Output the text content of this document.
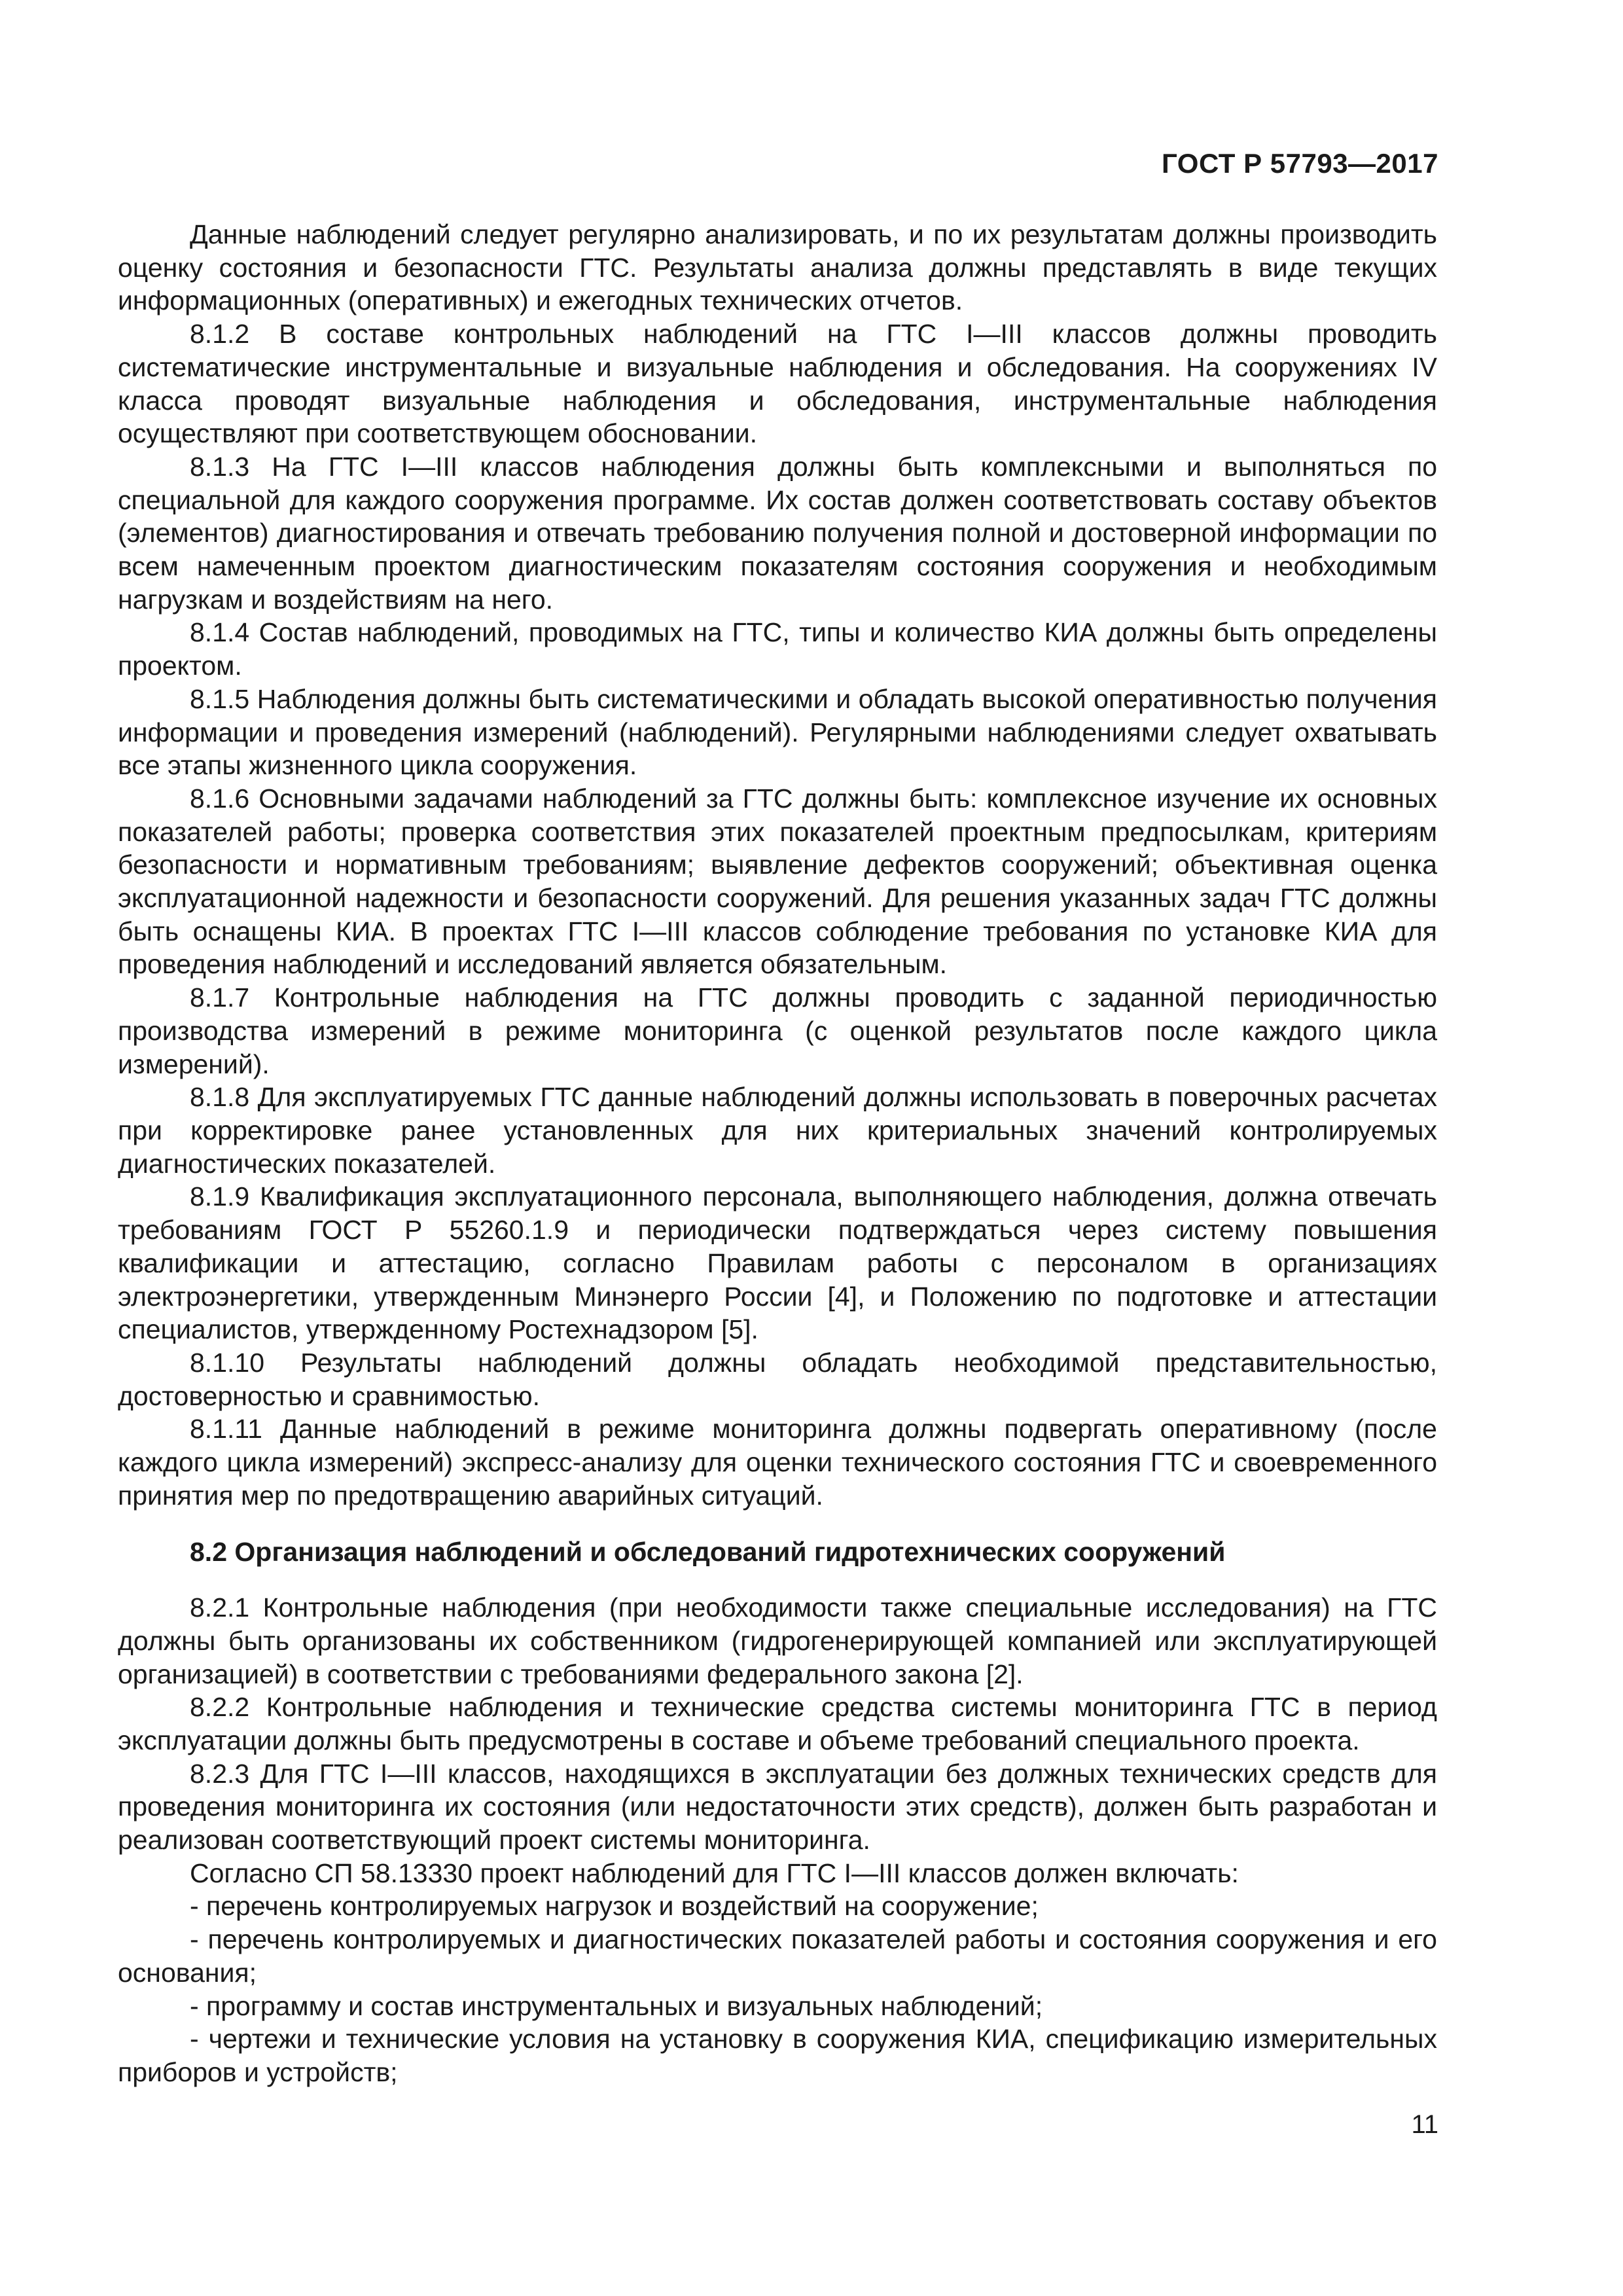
ГОСТ Р 57793—2017

Данные наблюдений следует регулярно анализировать, и по их результатам должны производить оценку состояния и безопасности ГТС. Результаты анализа должны представлять в виде текущих информационных (оперативных) и ежегодных технических отчетов.

8.1.2 В составе контрольных наблюдений на ГТС I—III классов должны проводить систематические инструментальные и визуальные наблюдения и обследования. На сооружениях IV класса проводят визуальные наблюдения и обследования, инструментальные наблюдения осуществляют при соответствующем обосновании.

8.1.3 На ГТС I—III классов наблюдения должны быть комплексными и выполняться по специальной для каждого сооружения программе. Их состав должен соответствовать составу объектов (элементов) диагностирования и отвечать требованию получения полной и достоверной информации по всем намеченным проектом диагностическим показателям состояния сооружения и необходимым нагрузкам и воздействиям на него.

8.1.4 Состав наблюдений, проводимых на ГТС, типы и количество КИА должны быть определены проектом.

8.1.5 Наблюдения должны быть систематическими и обладать высокой оперативностью получения информации и проведения измерений (наблюдений). Регулярными наблюдениями следует охватывать все этапы жизненного цикла сооружения.

8.1.6 Основными задачами наблюдений за ГТС должны быть: комплексное изучение их основных показателей работы; проверка соответствия этих показателей проектным предпосылкам, критериям безопасности и нормативным требованиям; выявление дефектов сооружений; объективная оценка эксплуатационной надежности и безопасности сооружений. Для решения указанных задач ГТС должны быть оснащены КИА. В проектах ГТС I—III классов соблюдение требования по установке КИА для проведения наблюдений и исследований является обязательным.

8.1.7 Контрольные наблюдения на ГТС должны проводить с заданной периодичностью производства измерений в режиме мониторинга (с оценкой результатов после каждого цикла измерений).

8.1.8 Для эксплуатируемых ГТС данные наблюдений должны использовать в поверочных расчетах при корректировке ранее установленных для них критериальных значений контролируемых диагностических показателей.

8.1.9 Квалификация эксплуатационного персонала, выполняющего наблюдения, должна отвечать требованиям ГОСТ Р 55260.1.9 и периодически подтверждаться через систему повышения квалификации и аттестацию, согласно Правилам работы с персоналом в организациях электроэнергетики, утвержденным Минэнерго России [4], и Положению по подготовке и аттестации специалистов, утвержденному Ростехнадзором [5].

8.1.10 Результаты наблюдений должны обладать необходимой представительностью, достоверностью и сравнимостью.

8.1.11 Данные наблюдений в режиме мониторинга должны подвергать оперативному (после каждого цикла измерений) экспресс-анализу для оценки технического состояния ГТС и своевременного принятия мер по предотвращению аварийных ситуаций.

8.2 Организация наблюдений и обследований гидротехнических сооружений

8.2.1 Контрольные наблюдения (при необходимости также специальные исследования) на ГТС должны быть организованы их собственником (гидрогенерирующей компанией или эксплуатирующей организацией) в соответствии с требованиями федерального закона [2].

8.2.2 Контрольные наблюдения и технические средства системы мониторинга ГТС в период эксплуатации должны быть предусмотрены в составе и объеме требований специального проекта.

8.2.3 Для ГТС I—III классов, находящихся в эксплуатации без должных технических средств для проведения мониторинга их состояния (или недостаточности этих средств), должен быть разработан и реализован соответствующий проект системы мониторинга.

Согласно СП 58.13330 проект наблюдений для ГТС I—III классов должен включать:

- перечень контролируемых нагрузок и воздействий на сооружение;

- перечень контролируемых и диагностических показателей работы и состояния сооружения и его основания;

- программу и состав инструментальных и визуальных наблюдений;

- чертежи и технические условия на установку в сооружения КИА, спецификацию измерительных приборов и устройств;

11
